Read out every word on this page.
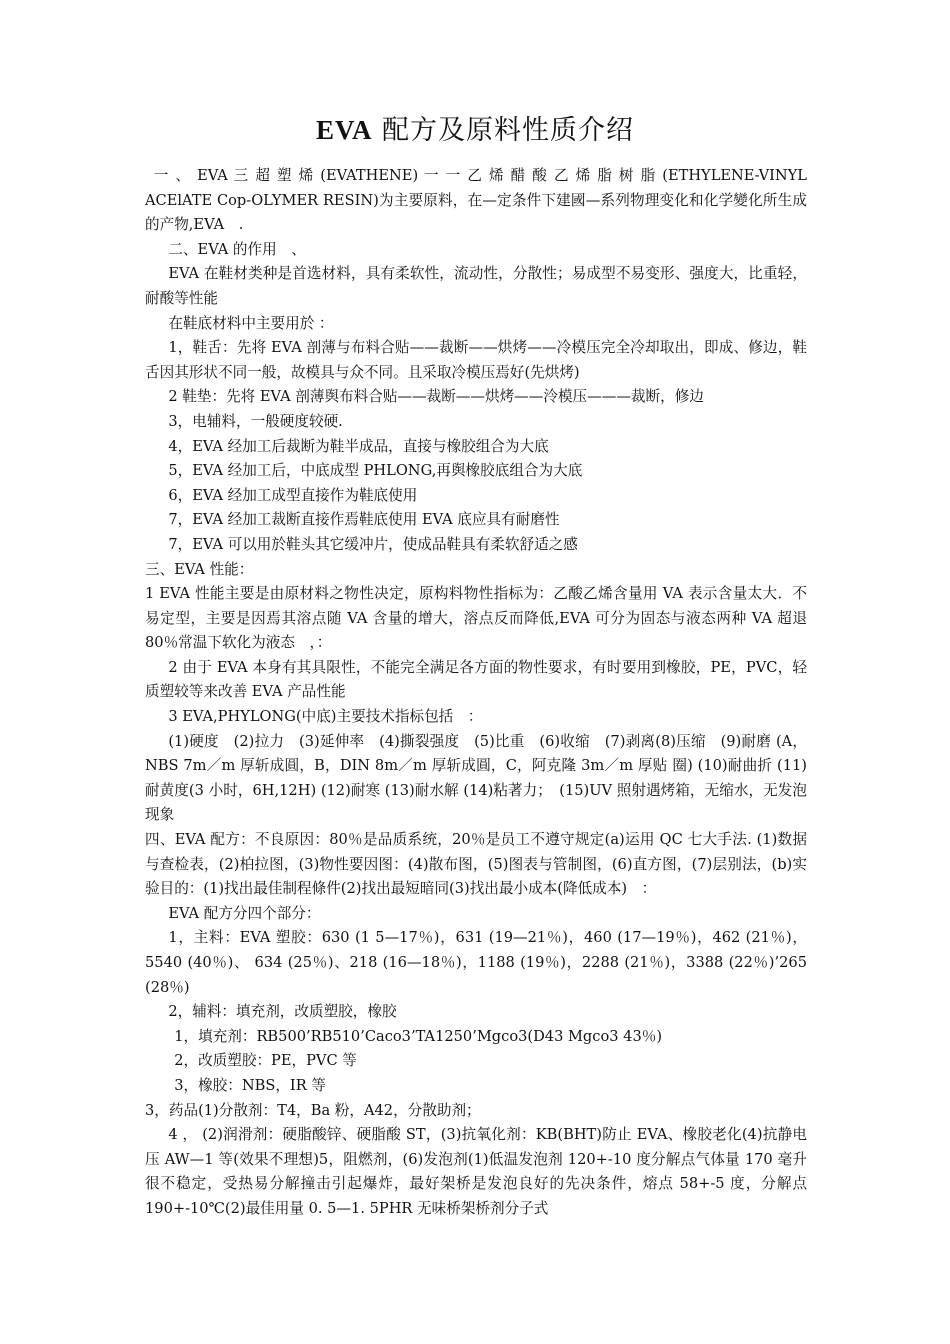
EVA 配方及原料性质介绍

一 、 EVA 三 超 塑 烯 (EVATHENE) 一 一 乙 烯 醋 酸 乙 烯 脂 树 脂 (ETHYLENE-VINYL ACElATE Cop-OLYMER RESIN)为主要原料，在—定条件下建國—系列物理变化和化学變化所生成的产物,EVA　.

二、EVA 的作用　、

EVA 在鞋材类种是首选材料，具有柔软性，流动性，分散性；易成型不易变形、强度大，比重轻，耐酸等性能

在鞋底材料中主要用於 ：

1，鞋舌：先将 EVA 剖薄与布料合贴——裁断——烘烤——冷模压完全冷却取出，即成、修边，鞋舌因其形状不同一般，故模具与众不同。且采取冷模压焉好(先烘烤)

2 鞋垫：先将 EVA 剖薄舆布料合贴——裁断——烘烤——泠模压———裁断，修边

3，电辅料，一般硬度较硬.

4，EVA 经加工后裁断为鞋半成品，直接与橡胶组合为大底

5，EVA 经加工后，中底成型 PHLONG,再舆橡胶底组合为大底

6，EVA 经加工成型直接作为鞋底使用

7，EVA 经加工裁断直接作焉鞋底使用 EVA 底应具有耐磨性

7，EVA 可以用於鞋头其它缓冲片，使成品鞋具有柔软舒适之感

三、EVA 性能：

1 EVA 性能主要是由原材料之物性决定，原构料物性指标为：乙酸乙烯含量用 VA 表示含量太大．不易定型，主要是因焉其溶点随 VA 含量的增大，溶点反而降低,EVA 可分为固态与液态两种 VA 超退 80％常温下软化为液态　，：

2 由于 EVA 本身有其具限性，不能完全满足各方面的物性要求，有时要用到橡胶，PE，PVC，轻质塑较等来改善 EVA 产品性能

3 EVA,PHYLONG(中底)主要技术指标包括　：

(1)硬度　(2)拉力　(3)延伸率　(4)撕裂强度　(5)比重　(6)收缩　(7)剥离(8)压缩　(9)耐磨 (A，NBS 7m／m 厚斩成圓，B，DIN 8m／m 厚斩成圓，C，阿克隆 3m／m 厚贴 圈) (10)耐曲折 (11)耐黄度(3 小时，6H,12H) (12)耐寒 (13)耐水解 (14)粘著力；　(15)UV 照射遇烤箱，无缩水，无发泡现象

四、EVA 配方：不良原因：80％是品质系统，20％是员工不遵守规定(a)运用 QC 七大手法. (1)数据与查检表，(2)柏拉图，(3)物性要因图：(4)散布图，(5)图表与管制图，(6)直方图，(7)层别法，(b)实验目的：(1)找出最佳制程條件(2)找出最短暗同(3)找出最小成本(降低成本)　：

EVA 配方分四个部分：

1，主料：EVA 塑胶：630 (1 5—17％)，631 (19—21％)，460 (17—19％)，462 (21％)，5540 (40％)、 634 (25％)、218 (16—18％)，1188 (19％)，2288 (21％)，3388 (22％)’265 (28％)

2，辅料：填充剂，改质塑胶，橡胶

1，填充剂：RB500’RB510’Caco3’TA1250’Mgco3(D43 Mgco3 43％)

2，改质塑胶：PE，PVC 等

3，橡胶：NBS，IR 等

3，药品(1)分散剂：T4，Ba 粉，A42，分散助剂；

4 ， (2)润滑剂：硬脂酸锌、硬脂酸 ST，(3)抗氧化剂：KB(BHT)防止 EVA、橡胶老化(4)抗静电压 AW—1 等(效果不理想)5，阻燃剂，(6)发泡剂(1)低温发泡剂 120+-10 度分解点气体量 170 毫升很不稳定，受热易分解撞击引起爆炸，最好架桥是发泡良好的先决条件，熔点 58+-5 度，分解点 190+-10℃(2)最佳用量 0. 5—1. 5PHR 无味桥架桥剂分子式
